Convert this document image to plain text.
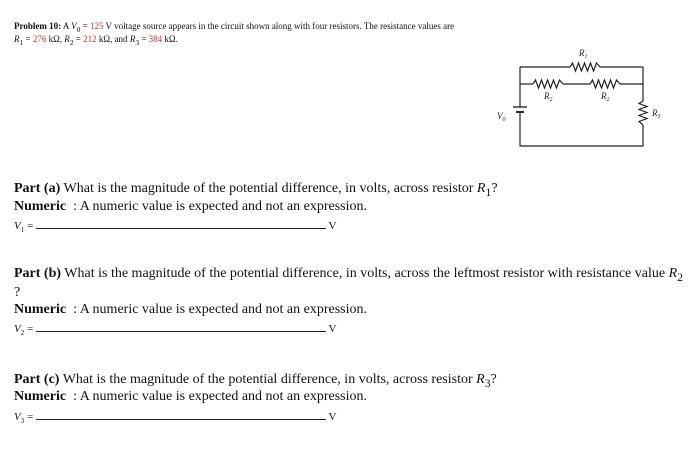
Problem 10: A $V_0 = 125$ V voltage source appears in the circuit shown along with four resistors. The resistance values are
$R_1 = 276$ kΩ, $R_2 = 212$ kΩ, and $R_3 = 384$ kΩ.
$R_1$
$R_2$	$R_2$
$R_3$
$V_0$
Part (a) What is the magnitude of the potential difference, in volts, across resistor $R_1$?
Numeric : A numeric value is expected and not an expression.
$V_1$ =	V
Part (b) What is the magnitude of the potential difference, in volts, across the leftmost resistor with resistance value $R_2$
?
Numeric : A numeric value is expected and not an expression.
$V_2$ =	V
Part (c) What is the magnitude of the potential difference, in volts, across resistor $R_3$?
Numeric : A numeric value is expected and not an expression.
$V_3$ =	V
